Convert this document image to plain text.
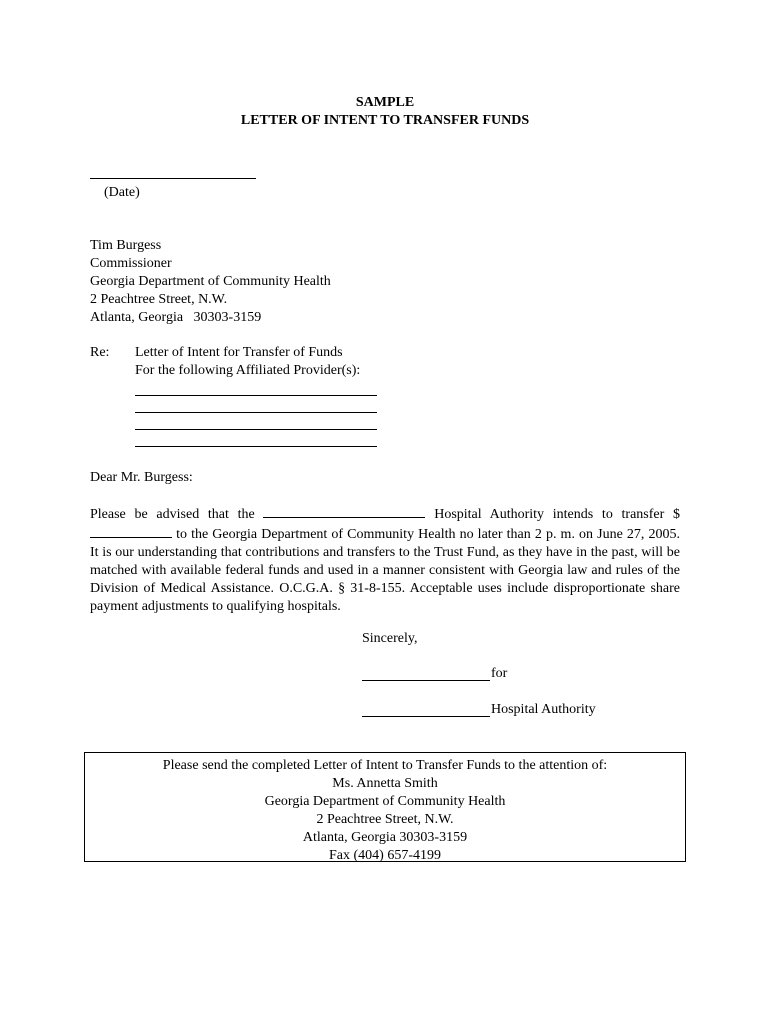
SAMPLE
LETTER OF INTENT TO TRANSFER FUNDS
(Date)
Tim Burgess
Commissioner
Georgia Department of Community Health
2 Peachtree Street, N.W.
Atlanta, Georgia   30303-3159
Re: Letter of Intent for Transfer of Funds
For the following Affiliated Provider(s):
Dear Mr. Burgess:
Please be advised that the	Hospital Authority intends to transfer $ to the Georgia Department of Community Health no later than 2 p. m. on June 27, 2005. It is our understanding that contributions and transfers to the Trust Fund, as they have in the past, will be matched with available federal funds and used in a manner consistent with Georgia law and rules of the Division of Medical Assistance. O.C.G.A. § 31-8-155. Acceptable uses include disproportionate share payment adjustments to qualifying hospitals.
Sincerely,
for
Hospital Authority
Please send the completed Letter of Intent to Transfer Funds to the attention of:
Ms. Annetta Smith
Georgia Department of Community Health
2 Peachtree Street, N.W.
Atlanta, Georgia 30303-3159
Fax (404) 657-4199
